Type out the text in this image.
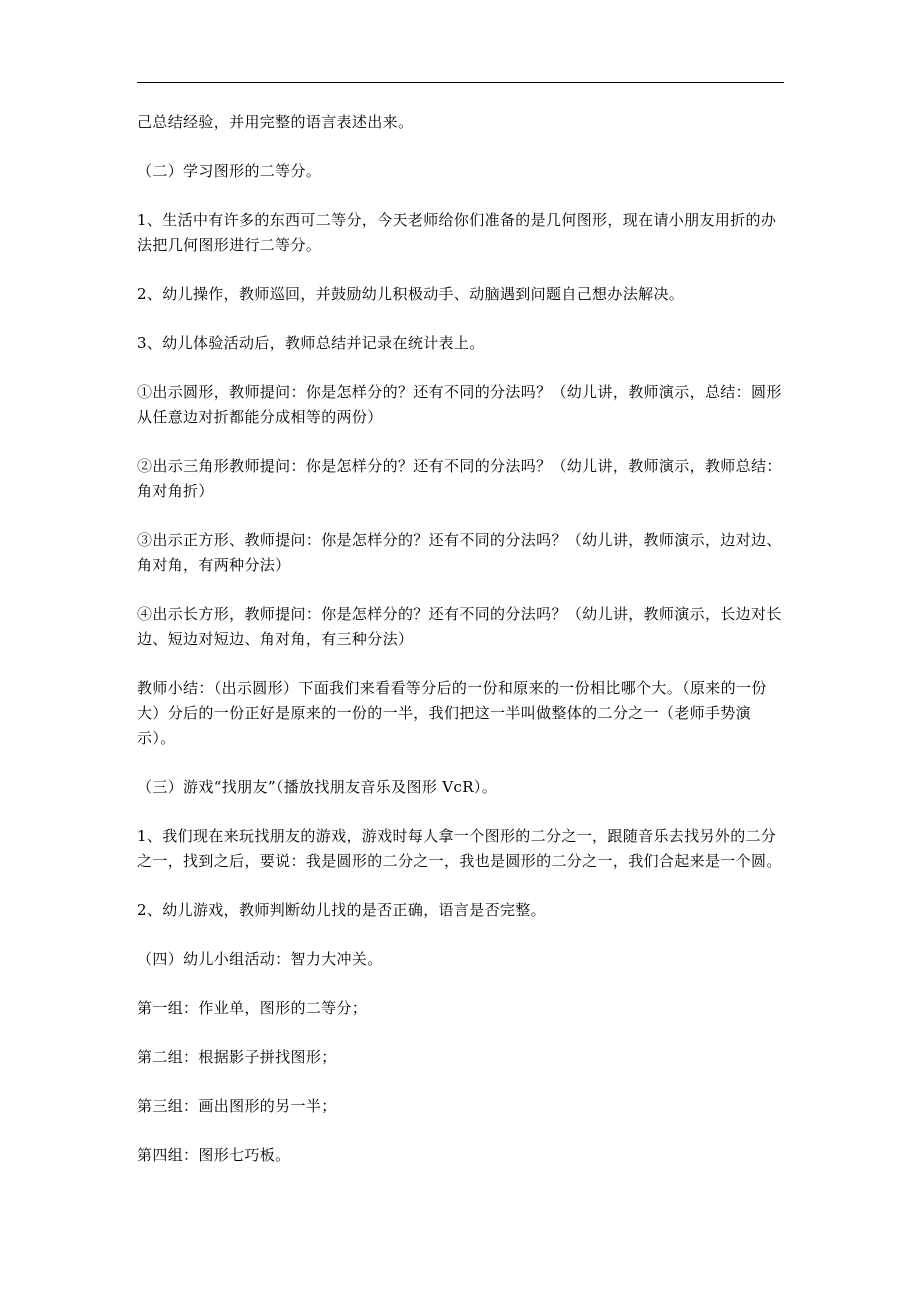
己总结经验，并用完整的语言表述出来。

（二）学习图形的二等分。

1、生活中有许多的东西可二等分，今天老师给你们准备的是几何图形，现在请小朋友用折的办法把几何图形进行二等分。

2、幼儿操作，教师巡回，并鼓励幼儿积极动手、动脑遇到问题自己想办法解决。

3、幼儿体验活动后，教师总结并记录在统计表上。

①出示圆形，教师提问：你是怎样分的？还有不同的分法吗？（幼儿讲，教师演示，总结：圆形从任意边对折都能分成相等的两份）

②出示三角形教师提问：你是怎样分的？还有不同的分法吗？（幼儿讲，教师演示，教师总结：角对角折）

③出示正方形、教师提问：你是怎样分的？还有不同的分法吗？（幼儿讲，教师演示，边对边、角对角，有两种分法）

④出示长方形，教师提问：你是怎样分的？还有不同的分法吗？（幼儿讲，教师演示，长边对长边、短边对短边、角对角，有三种分法）

教师小结：（出示圆形）下面我们来看看等分后的一份和原来的一份相比哪个大。（原来的一份大）分后的一份正好是原来的一份的一半，我们把这一半叫做整体的二分之一（老师手势演示）。

（三）游戏“找朋友”（播放找朋友音乐及图形 VcR）。

1、我们现在来玩找朋友的游戏，游戏时每人拿一个图形的二分之一，跟随音乐去找另外的二分之一，找到之后，要说：我是圆形的二分之一，我也是圆形的二分之一，我们合起来是一个圆。

2、幼儿游戏，教师判断幼儿找的是否正确，语言是否完整。

（四）幼儿小组活动：智力大冲关。

第一组：作业单，图形的二等分；

第二组：根据影子拼找图形；

第三组：画出图形的另一半；

第四组：图形七巧板。
